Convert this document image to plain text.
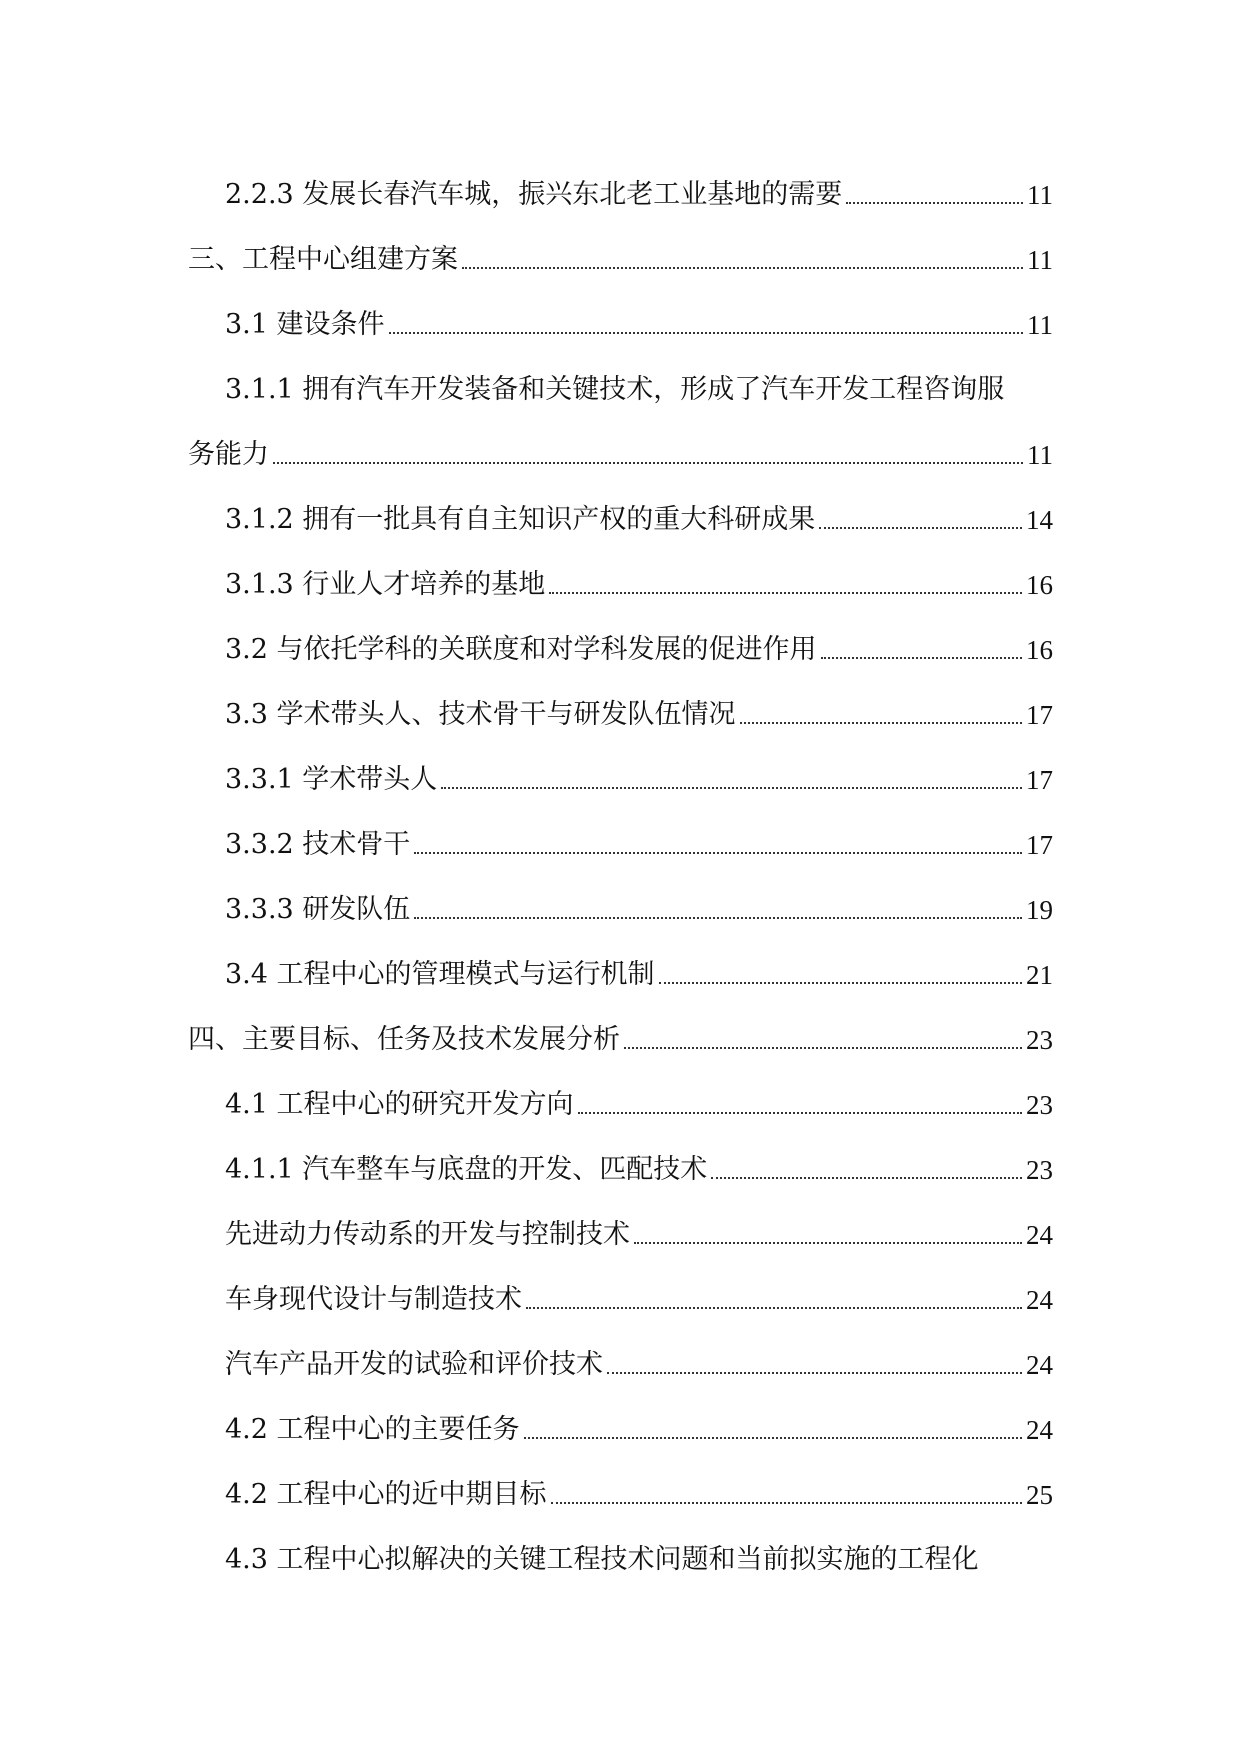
2.2.3 发展长春汽车城，振兴东北老工业基地的需要	11
三、工程中心组建方案	11
3.1 建设条件	11
3.1.1 拥有汽车开发装备和关键技术，形成了汽车开发工程咨询服
务能力	11
3.1.2 拥有一批具有自主知识产权的重大科研成果	14
3.1.3 行业人才培养的基地	16
3.2 与依托学科的关联度和对学科发展的促进作用	16
3.3 学术带头人、技术骨干与研发队伍情况	17
3.3.1 学术带头人	17
3.3.2 技术骨干	17
3.3.3 研发队伍	19
3.4 工程中心的管理模式与运行机制	21
四、主要目标、任务及技术发展分析	23
4.1 工程中心的研究开发方向	23
4.1.1 汽车整车与底盘的开发、匹配技术	23
先进动力传动系的开发与控制技术	24
车身现代设计与制造技术	24
汽车产品开发的试验和评价技术	24
4.2 工程中心的主要任务	24
4.2 工程中心的近中期目标	25
4.3 工程中心拟解决的关键工程技术问题和当前拟实施的工程化
